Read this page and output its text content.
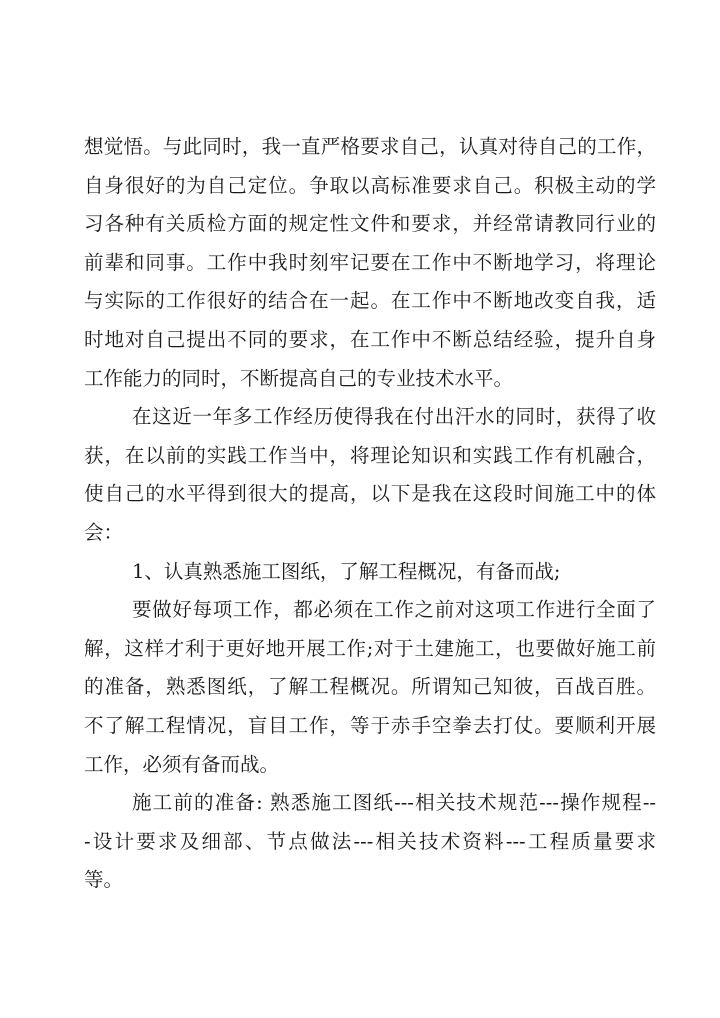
想觉悟。与此同时，我一直严格要求自己，认真对待自己的工作，
自身很好的为自己定位。争取以高标准要求自己。积极主动的学
习各种有关质检方面的规定性文件和要求，并经常请教同行业的
前辈和同事。工作中我时刻牢记要在工作中不断地学习，将理论
与实际的工作很好的结合在一起。在工作中不断地改变自我，适
时地对自己提出不同的要求，在工作中不断总结经验，提升自身
工作能力的同时，不断提高自己的专业技术水平。
在这近一年多工作经历使得我在付出汗水的同时，获得了收
获，在以前的实践工作当中，将理论知识和实践工作有机融合，
使自己的水平得到很大的提高，以下是我在这段时间施工中的体
会：
1、认真熟悉施工图纸，了解工程概况，有备而战;
要做好每项工作，都必须在工作之前对这项工作进行全面了
解，这样才利于更好地开展工作;对于土建施工，也要做好施工前
的准备，熟悉图纸，了解工程概况。所谓知己知彼，百战百胜。
不了解工程情况，盲目工作，等于赤手空拳去打仗。要顺利开展
工作，必须有备而战。
施工前的准备: 熟悉施工图纸---相关技术规范---操作规程--
-设计要求及细部、节点做法---相关技术资料---工程质量要求
等。
